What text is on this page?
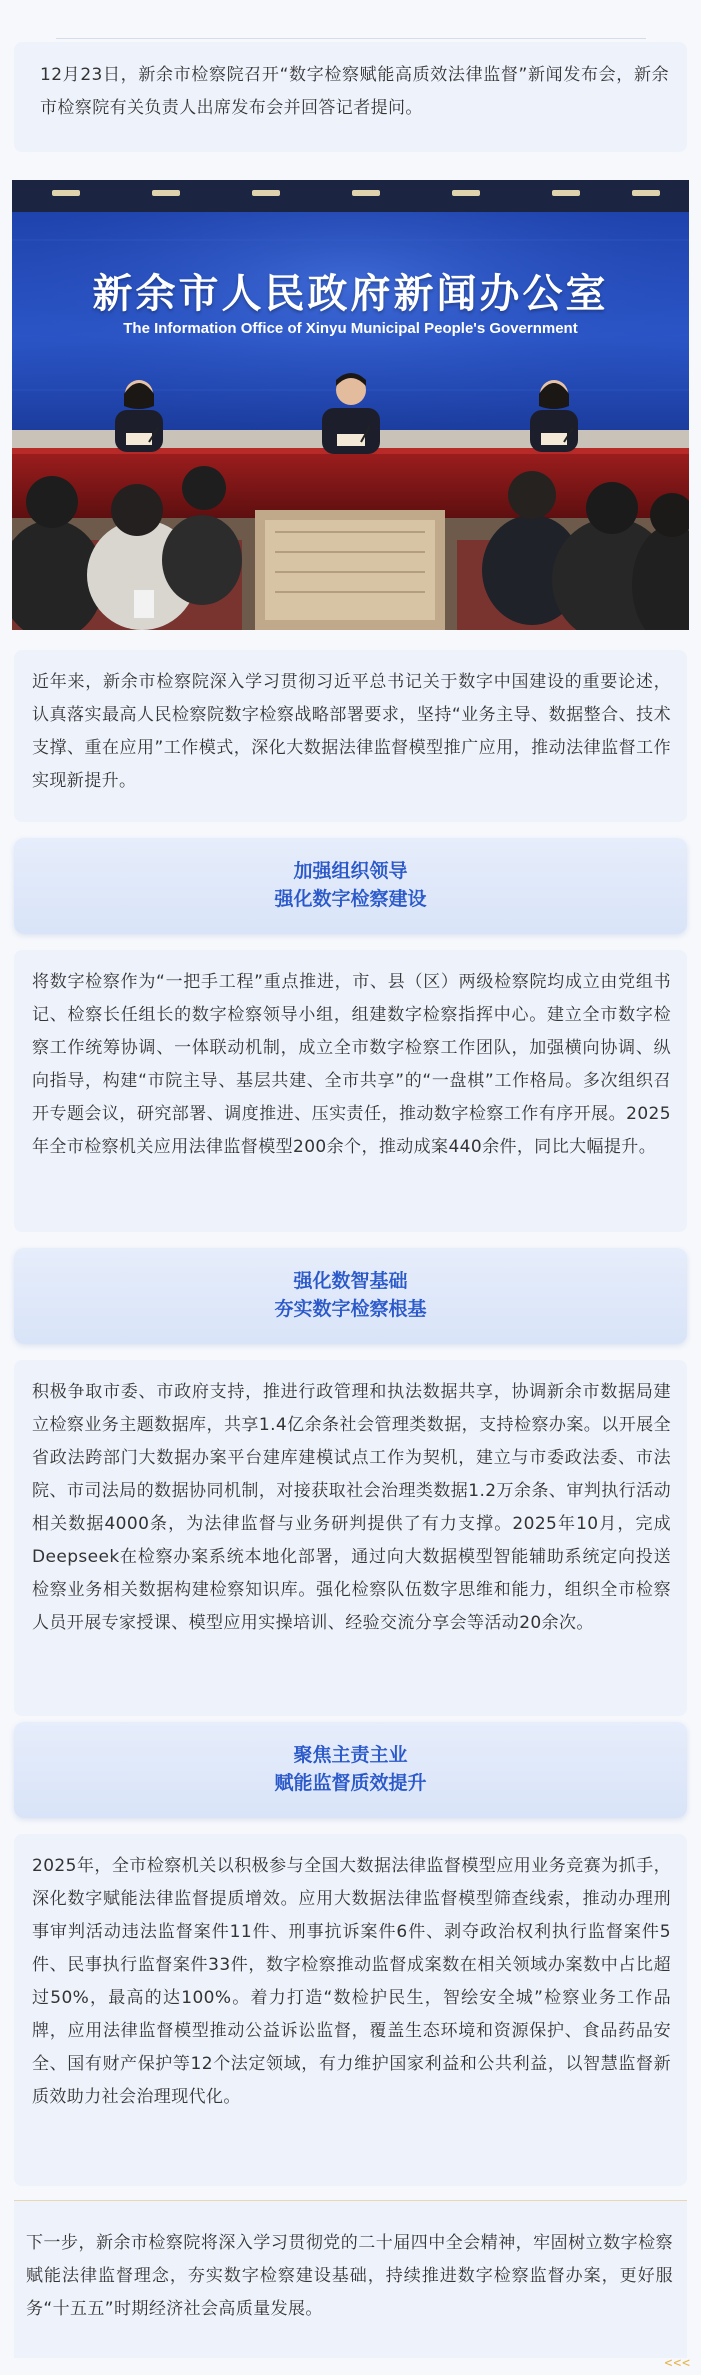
12月23日，新余市检察院召开“数字检察赋能高质效法律监督”新闻发布会，新余市检察院有关负责人出席发布会并回答记者提问。

新余市人民政府新闻办公室
The Information Office of Xinyu Municipal People's Government

近年来，新余市检察院深入学习贯彻习近平总书记关于数字中国建设的重要论述，认真落实最高人民检察院数字检察战略部署要求，坚持“业务主导、数据整合、技术支撑、重在应用”工作模式，深化大数据法律监督模型推广应用，推动法律监督工作实现新提升。

加强组织领导
强化数字检察建设

将数字检察作为“一把手工程”重点推进，市、县（区）两级检察院均成立由党组书记、检察长任组长的数字检察领导小组，组建数字检察指挥中心。建立全市数字检察工作统筹协调、一体联动机制，成立全市数字检察工作团队，加强横向协调、纵向指导，构建“市院主导、基层共建、全市共享”的“一盘棋”工作格局。多次组织召开专题会议，研究部署、调度推进、压实责任，推动数字检察工作有序开展。2025年全市检察机关应用法律监督模型200余个，推动成案440余件，同比大幅提升。

强化数智基础
夯实数字检察根基

积极争取市委、市政府支持，推进行政管理和执法数据共享，协调新余市数据局建立检察业务主题数据库，共享1.4亿余条社会管理类数据，支持检察办案。以开展全省政法跨部门大数据办案平台建库建模试点工作为契机，建立与市委政法委、市法院、市司法局的数据协同机制，对接获取社会治理类数据1.2万余条、审判执行活动相关数据4000条，为法律监督与业务研判提供了有力支撑。2025年10月，完成Deepseek在检察办案系统本地化部署，通过向大数据模型智能辅助系统定向投送检察业务相关数据构建检察知识库。强化检察队伍数字思维和能力，组织全市检察人员开展专家授课、模型应用实操培训、经验交流分享会等活动20余次。

聚焦主责主业
赋能监督质效提升

2025年，全市检察机关以积极参与全国大数据法律监督模型应用业务竞赛为抓手，深化数字赋能法律监督提质增效。应用大数据法律监督模型筛查线索，推动办理刑事审判活动违法监督案件11件、刑事抗诉案件6件、剥夺政治权利执行监督案件5件、民事执行监督案件33件，数字检察推动监督成案数在相关领域办案数中占比超过50%，最高的达100%。着力打造“数检护民生，智绘安全城”检察业务工作品牌，应用法律监督模型推动公益诉讼监督，覆盖生态环境和资源保护、食品药品安全、国有财产保护等12个法定领域，有力维护国家利益和公共利益，以智慧监督新质效助力社会治理现代化。

下一步，新余市检察院将深入学习贯彻党的二十届四中全会精神，牢固树立数字检察赋能法律监督理念，夯实数字检察建设基础，持续推进数字检察监督办案，更好服务“十五五”时期经济社会高质量发展。

<<<
